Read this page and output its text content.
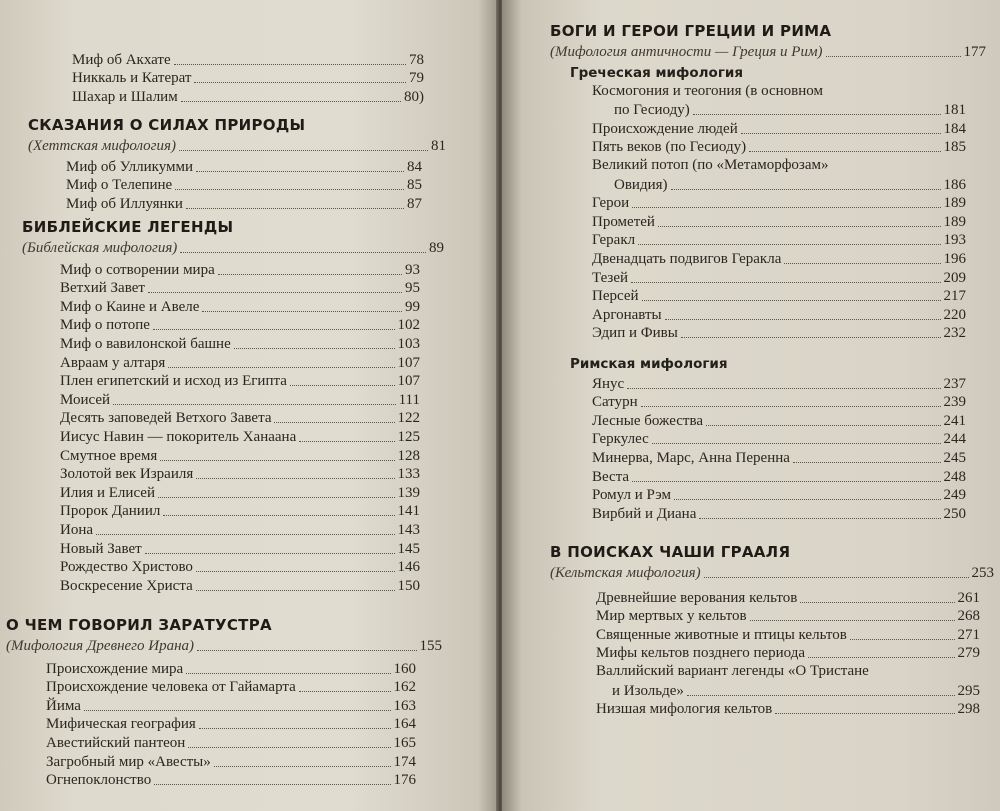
Миф об Акхате	78
Никкаль и Катерат	79
Шахар и Шалим	80)
СКАЗАНИЯ О СИЛАХ ПРИРОДЫ
(Хеттская мифология)	81
Миф об Улликумми	84
Миф о Телепине	85
Миф об Иллуянки	87
БИБЛЕЙСКИЕ ЛЕГЕНДЫ
(Библейская мифология)	89
Миф о сотворении мира	93
Ветхий Завет	95
Миф о Каине и Авеле	99
Миф о потопе	102
Миф о вавилонской башне	103
Авраам у алтаря	107
Плен египетский и исход из Египта	107
Моисей	111
Десять заповедей Ветхого Завета	122
Иисус Навин — покоритель Ханаана	125
Смутное время	128
Золотой век Израиля	133
Илия и Елисей	139
Пророк Даниил	141
Иона	143
Новый Завет	145
Рождество Христово	146
Воскресение Христа	150
О ЧЕМ ГОВОРИЛ ЗАРАТУСТРА
(Мифология Древнего Ирана)	155
Происхождение мира	160
Происхождение человека от Гайамарта	162
Йима	163
Мифическая география	164
Авестийский пантеон	165
Загробный мир «Авесты»	174
Огнепоклонство	176
БОГИ И ГЕРОИ ГРЕЦИИ И РИМА
(Мифология античности — Греция и Рим)	177
Греческая мифология
Космогония и теогония (в основном
по Гесиоду)	181
Происхождение людей	184
Пять веков (по Гесиоду)	185
Великий потоп (по «Метаморфозам»
Овидия)	186
Герои	189
Прометей	189
Геракл	193
Двенадцать подвигов Геракла	196
Тезей	209
Персей	217
Аргонавты	220
Эдип и Фивы	232
Римская мифология
Янус	237
Сатурн	239
Лесные божества	241
Геркулес	244
Минерва, Марс, Анна Перенна	245
Веста	248
Ромул и Рэм	249
Вирбий и Диана	250
В ПОИСКАХ ЧАШИ ГРААЛЯ
(Кельтская мифология)	253
Древнейшие верования кельтов	261
Мир мертвых у кельтов	268
Священные животные и птицы кельтов	271
Мифы кельтов позднего периода	279
Валлийский вариант легенды «О Тристане
и Изольде»	295
Низшая мифология кельтов	298
